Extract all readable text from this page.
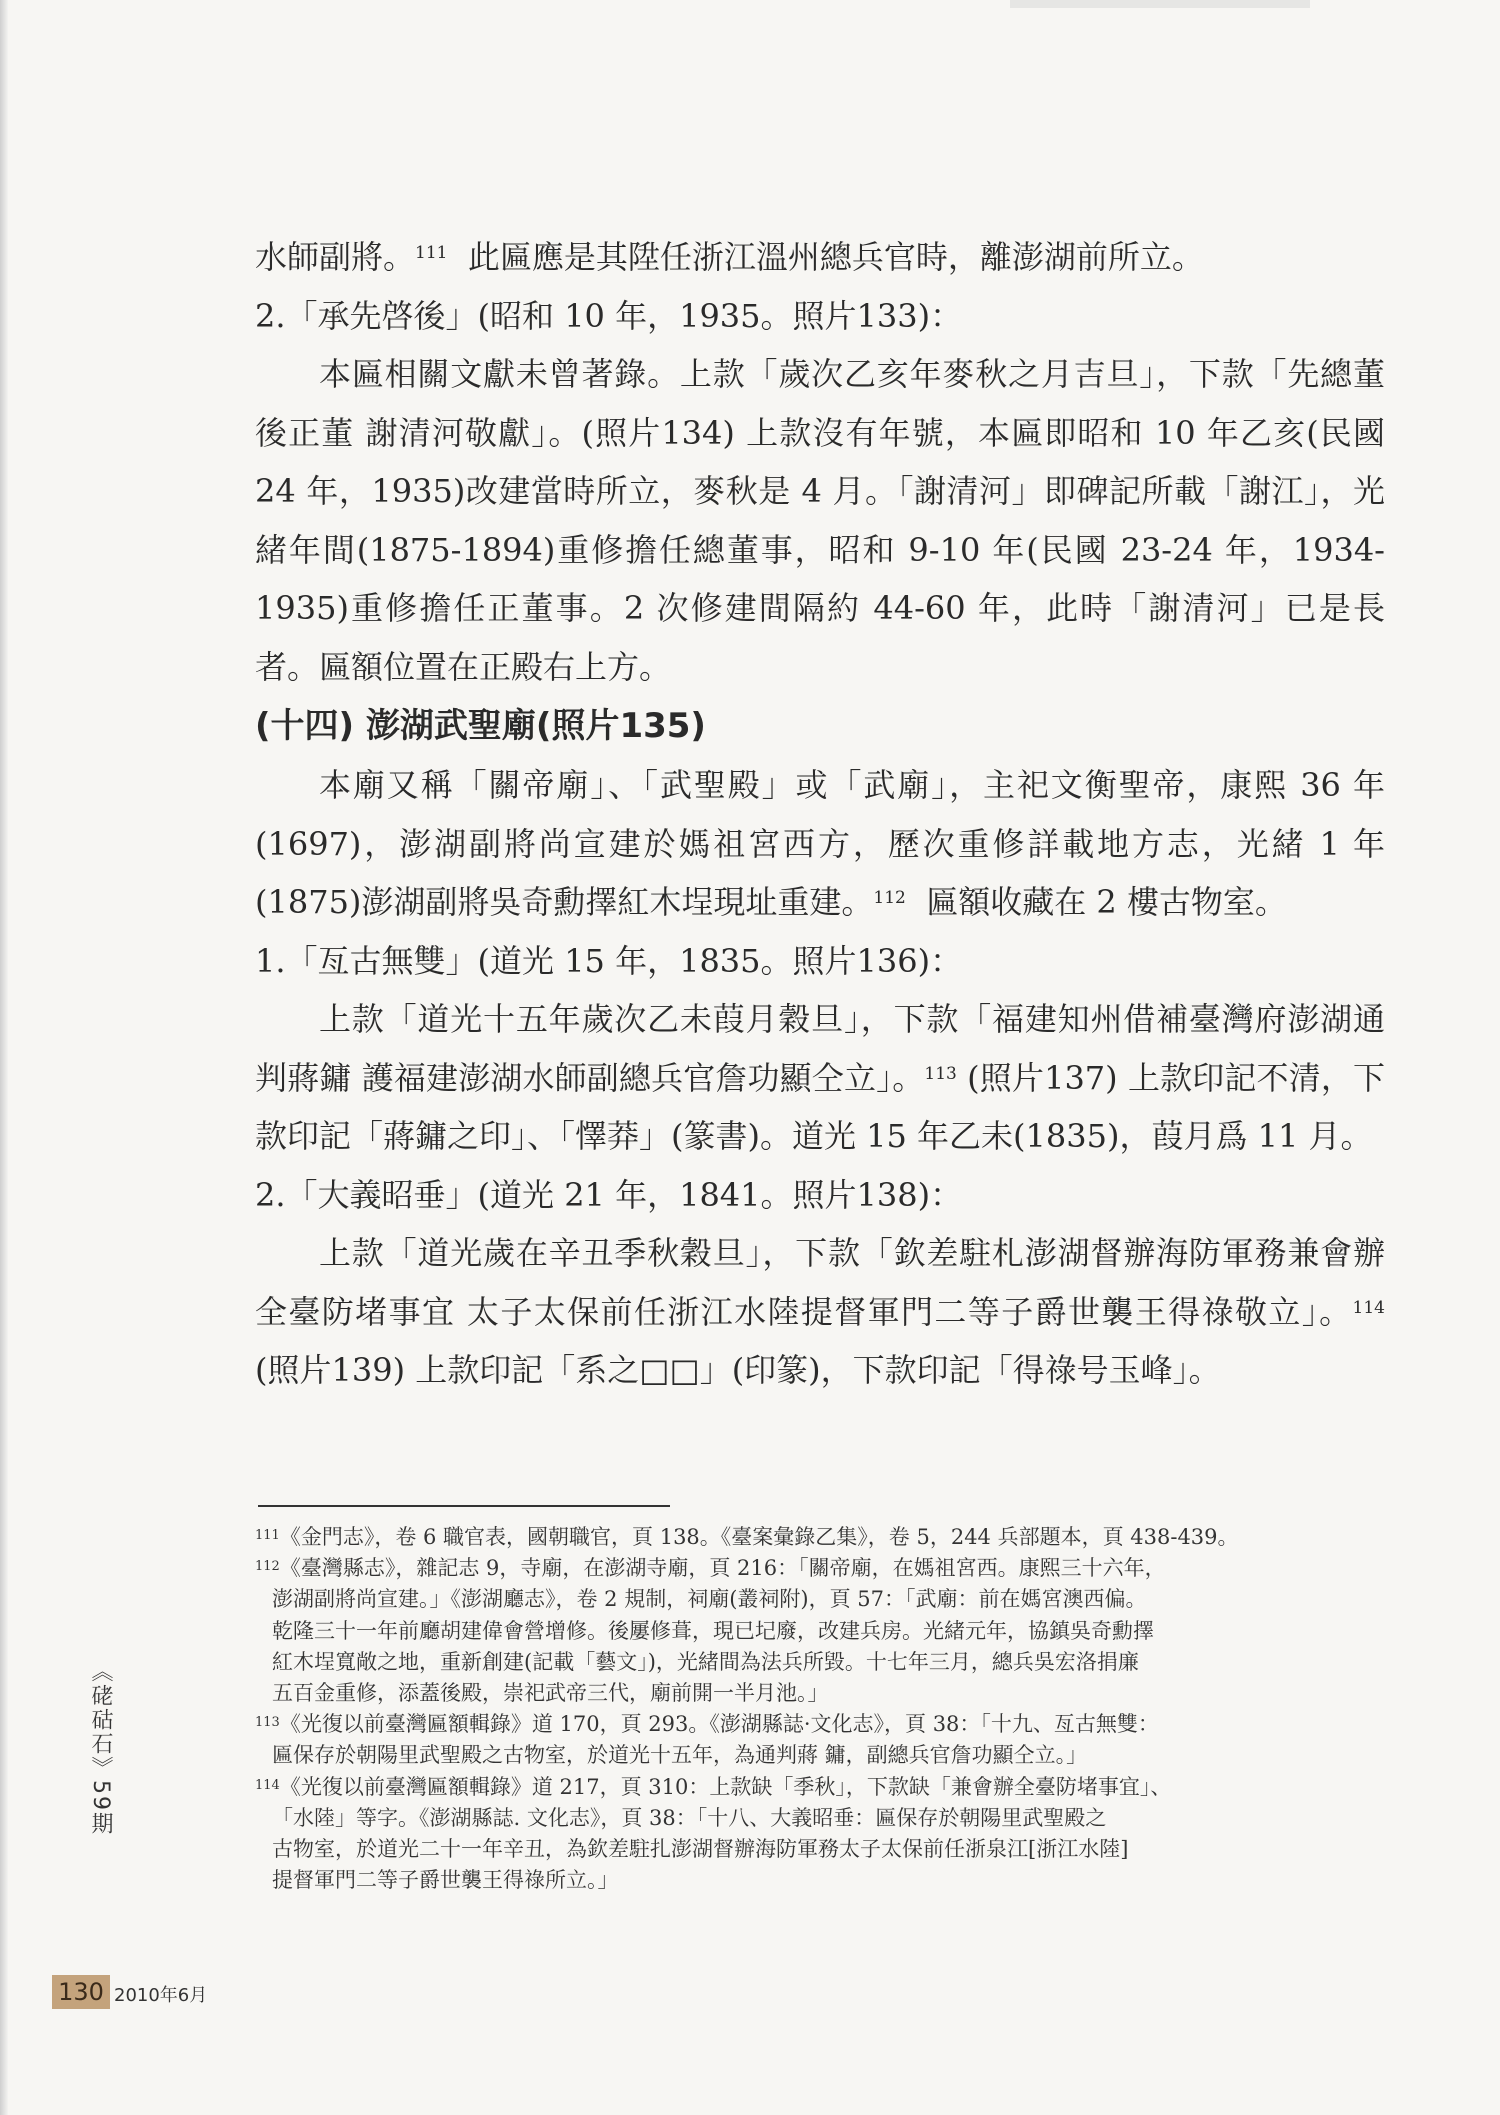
水師副將。$^{111}$ 此匾應是其陞任浙江溫州總兵官時，離澎湖前所立。

2.「承先啓後」(昭和 10 年，1935。照片133)：

本匾相關文獻未曾著錄。上款「歲次乙亥年麥秋之月吉旦」，下款「先總董 後正董 謝清河敬獻」。(照片134) 上款沒有年號，本匾即昭和 10 年乙亥(民國 24 年，1935)改建當時所立，麥秋是 4 月。「謝清河」即碑記所載「謝江」，光緒年間(1875-1894)重修擔任總董事，昭和 9-10 年(民國 23-24 年，1934-1935)重修擔任正董事。2 次修建間隔約 44-60 年，此時「謝清河」已是長者。匾額位置在正殿右上方。

(十四) 澎湖武聖廟(照片135)

本廟又稱「關帝廟」、「武聖殿」或「武廟」，主祀文衡聖帝，康熙 36 年(1697)，澎湖副將尚宣建於媽祖宮西方，歷次重修詳載地方志，光緒 1 年(1875)澎湖副將吳奇勳擇紅木埕現址重建。$^{112}$ 匾額收藏在 2 樓古物室。

1.「亙古無雙」(道光 15 年，1835。照片136)：

上款「道光十五年歲次乙未葭月穀旦」，下款「福建知州借補臺灣府澎湖通判蔣鏞 護福建澎湖水師副總兵官詹功顯仝立」。$^{113}$ (照片137) 上款印記不清，下款印記「蔣鏞之印」、「懌莽」(篆書)。道光 15 年乙未(1835)，葭月爲 11 月。

2.「大義昭垂」(道光 21 年，1841。照片138)：

上款「道光歲在辛丑季秋穀旦」，下款「欽差駐札澎湖督辦海防軍務兼會辦全臺防堵事宜 太子太保前任浙江水陸提督軍門二等子爵世襲王得祿敬立」。$^{114}$ (照片139) 上款印記「系之□□」(印篆)，下款印記「得祿号玉峰」。

$^{111}$《金門志》，卷 6 職官表，國朝職官，頁 138。《臺案彙錄乙集》，卷 5，244 兵部題本，頁 438-439。

$^{112}$《臺灣縣志》，雜記志 9，寺廟，在澎湖寺廟，頁 216：「關帝廟，在媽祖宮西。康熙三十六年，

澎湖副將尚宣建。」《澎湖廳志》，卷 2 規制，祠廟(叢祠附)，頁 57：「武廟：前在媽宮澳西偏。

乾隆三十一年前廳胡建偉會營增修。後屢修葺，現已圮廢，改建兵房。光緒元年，協鎮吳奇勳擇

紅木埕寬敞之地，重新創建(記載「藝文」)，光緒間為法兵所毀。十七年三月，總兵吳宏洛捐廉

五百金重修，添蓋後殿，崇祀武帝三代，廟前開一半月池。」

$^{113}$《光復以前臺灣匾額輯錄》道 170，頁 293。《澎湖縣誌·文化志》，頁 38：「十九、亙古無雙：

匾保存於朝陽里武聖殿之古物室，於道光十五年，為通判蔣 鏞，副總兵官詹功顯仝立。」

$^{114}$《光復以前臺灣匾額輯錄》道 217，頁 310：上款缺「季秋」，下款缺「兼會辦全臺防堵事宜」、

「水陸」等字。《澎湖縣誌. 文化志》，頁 38：「十八、大義昭垂：匾保存於朝陽里武聖殿之

古物室，於道光二十一年辛丑，為欽差駐扎澎湖督辦海防軍務太子太保前任浙泉江[浙江水陸]

提督軍門二等子爵世襲王得祿所立。」

《硓𥑮石》59期
130 2010年6月
